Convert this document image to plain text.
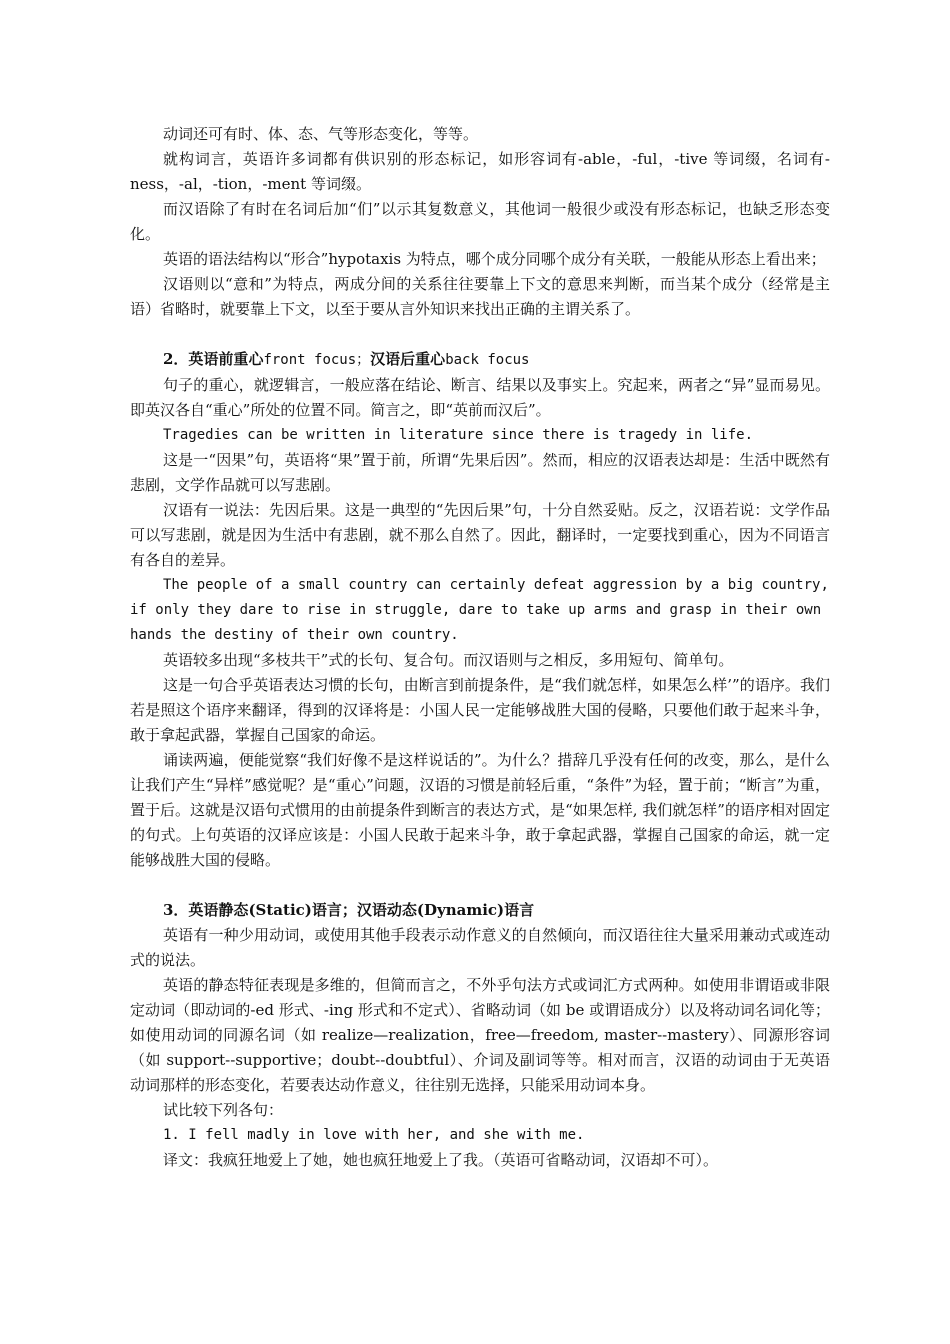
动词还可有时、体、态、气等形态变化，等等。

就构词言，英语许多词都有供识别的形态标记，如形容词有-able，-ful，-tive 等词缀，名词有-ness，-al，-tion，-ment 等词缀。

而汉语除了有时在名词后加“们”以示其复数意义，其他词一般很少或没有形态标记，也缺乏形态变化。

英语的语法结构以“形合”hypotaxis 为特点，哪个成分同哪个成分有关联，一般能从形态上看出来；

汉语则以“意和”为特点，两成分间的关系往往要靠上下文的意思来判断，而当某个成分（经常是主语）省略时，就要靠上下文，以至于要从言外知识来找出正确的主谓关系了。

2．英语前重心front focus；汉语后重心back focus

句子的重心，就逻辑言，一般应落在结论、断言、结果以及事实上。究起来，两者之“异”显而易见。即英汉各自“重心”所处的位置不同。简言之，即“英前而汉后”。

Tragedies can be written in literature since there is tragedy in life.

这是一“因果”句，英语将“果”置于前，所谓“先果后因”。然而，相应的汉语表达却是：生活中既然有悲剧，文学作品就可以写悲剧。

汉语有一说法：先因后果。这是一典型的“先因后果”句，十分自然妥贴。反之，汉语若说：文学作品可以写悲剧，就是因为生活中有悲剧，就不那么自然了。因此，翻译时，一定要找到重心，因为不同语言有各自的差异。

The people of a small country can certainly defeat aggression by a big country, if only they dare to rise in struggle, dare to take up arms and grasp in their own hands the destiny of their own country.

英语较多出现“多枝共干”式的长句、复合句。而汉语则与之相反，多用短句、简单句。

这是一句合乎英语表达习惯的长句，由断言到前提条件，是“我们就怎样，如果怎么样’”的语序。我们若是照这个语序来翻译，得到的汉译将是：小国人民一定能够战胜大国的侵略，只要他们敢于起来斗争，敢于拿起武器，掌握自己国家的命运。

诵读两遍，便能觉察“我们好像不是这样说话的”。为什么？措辞几乎没有任何的改变，那么，是什么让我们产生“异样”感觉呢？是“重心”问题，汉语的习惯是前轻后重，“条件”为轻，置于前；“断言”为重，置于后。这就是汉语句式惯用的由前提条件到断言的表达方式，是“如果怎样, 我们就怎样”的语序相对固定的句式。上句英语的汉译应该是：小国人民敢于起来斗争，敢于拿起武器，掌握自己国家的命运，就一定能够战胜大国的侵略。

3．英语静态(Static)语言；汉语动态(Dynamic)语言

英语有一种少用动词，或使用其他手段表示动作意义的自然倾向，而汉语往往大量采用兼动式或连动式的说法。

英语的静态特征表现是多维的，但简而言之，不外乎句法方式或词汇方式两种。如使用非谓语或非限定动词（即动词的-ed 形式、-ing 形式和不定式）、省略动词（如 be 或谓语成分）以及将动词名词化等；如使用动词的同源名词（如 realize—realization，free—freedom, master--mastery）、同源形容词（如 support--supportive；doubt--doubtful）、介词及副词等等。相对而言，汉语的动词由于无英语动词那样的形态变化，若要表达动作意义，往往别无选择，只能采用动词本身。

试比较下列各句：

1. I fell madly in love with her, and she with me.

译文：我疯狂地爱上了她，她也疯狂地爱上了我。（英语可省略动词，汉语却不可）。
